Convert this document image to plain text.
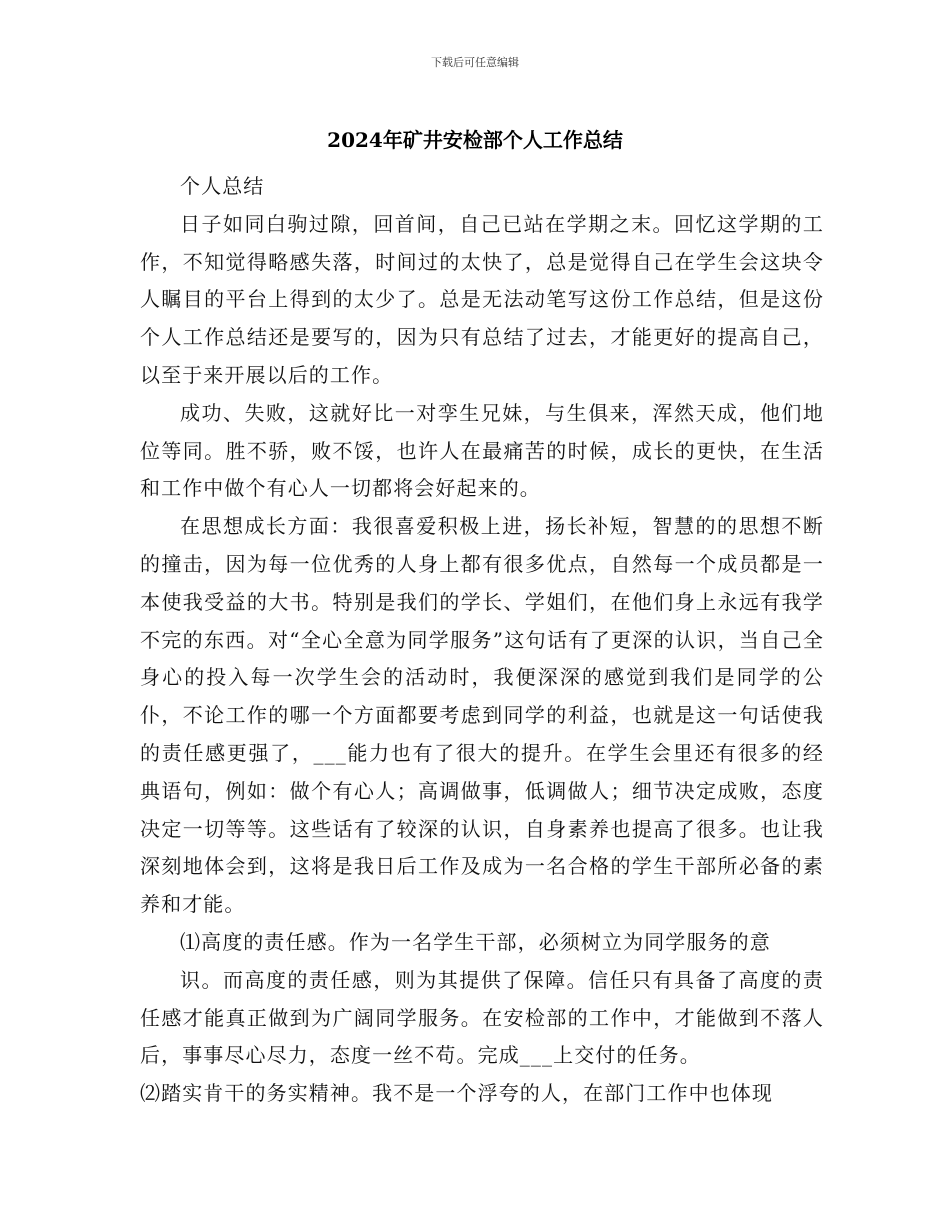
下载后可任意编辑
2024年矿井安检部个人工作总结

个人总结

日子如同白驹过隙，回首间，自己已站在学期之末。回忆这学期的工作，不知觉得略感失落，时间过的太快了，总是觉得自己在学生会这块令人瞩目的平台上得到的太少了。总是无法动笔写这份工作总结，但是这份个人工作总结还是要写的，因为只有总结了过去，才能更好的提高自己，以至于来开展以后的工作。

成功、失败，这就好比一对孪生兄妹，与生俱来，浑然天成，他们地位等同。胜不骄，败不馁，也许人在最痛苦的时候，成长的更快，在生活和工作中做个有心人一切都将会好起来的。

在思想成长方面：我很喜爱积极上进，扬长补短，智慧的的思想不断的撞击，因为每一位优秀的人身上都有很多优点，自然每一个成员都是一本使我受益的大书。特别是我们的学长、学姐们，在他们身上永远有我学不完的东西。对“全心全意为同学服务”这句话有了更深的认识，当自己全身心的投入每一次学生会的活动时，我便深深的感觉到我们是同学的公仆，不论工作的哪一个方面都要考虑到同学的利益，也就是这一句话使我的责任感更强了，___能力也有了很大的提升。在学生会里还有很多的经典语句，例如：做个有心人；高调做事，低调做人；细节决定成败，态度决定一切等等。这些话有了较深的认识，自身素养也提高了很多。也让我深刻地体会到，这将是我日后工作及成为一名合格的学生干部所必备的素养和才能。

⑴高度的责任感。作为一名学生干部，必须树立为同学服务的意

识。而高度的责任感，则为其提供了保障。信任只有具备了高度的责任感才能真正做到为广阔同学服务。在安检部的工作中，才能做到不落人后，事事尽心尽力，态度一丝不苟。完成___上交付的任务。

⑵踏实肯干的务实精神。我不是一个浮夸的人，在部门工作中也体现
